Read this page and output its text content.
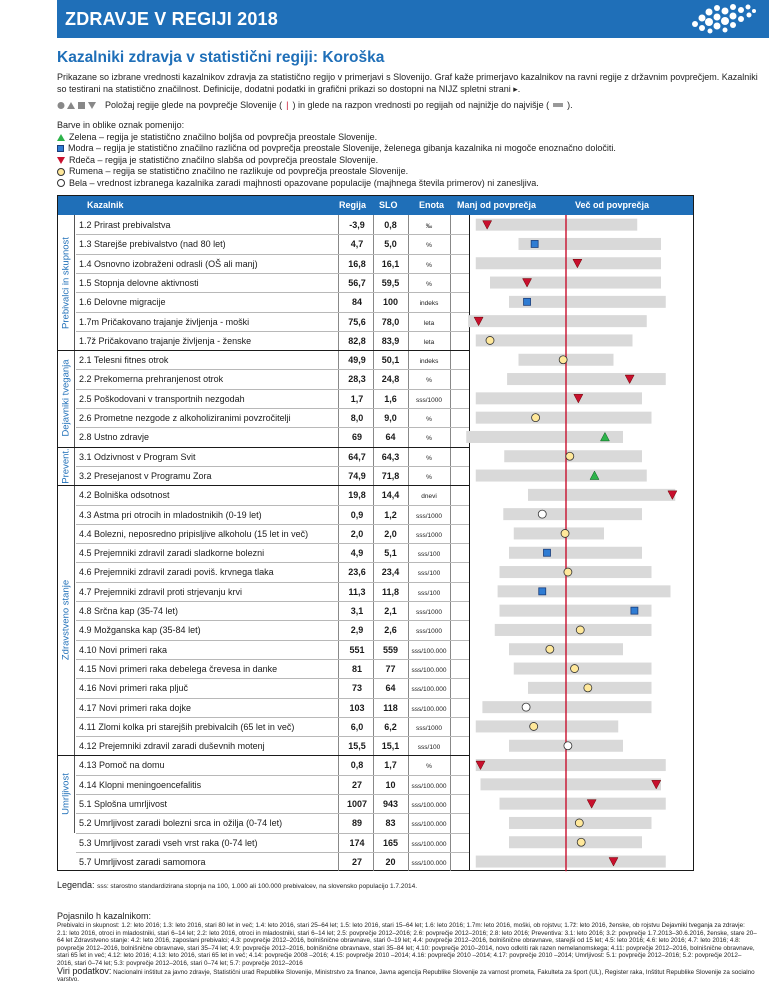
ZDRAVJE V REGIJI 2018
Kazalniki zdravja v statistični regiji: Koroška
Prikazane so izbrane vrednosti kazalnikov zdravja za statistično regijo v primerjavi s Slovenijo. Graf kaže primerjavo kazalnikov na ravni regije z državnim povprečjem. Kazalniki so testirani na statistično značilnost. Definicije, dodatni podatki in grafični prikazi so dostopni na NIJZ spletni strani ▸.
Položaj regije glede na povprečje Slovenije ( | ) in glede na razpon vrednosti po regijah od najnižje do najvišje ( ).
Barve in oblike oznak pomenijo:
Zelena – regija je statistično značilno boljša od povprečja preostale Slovenije.
Modra – regija je statistično značilno različna od povprečja preostale Slovenije, želenega gibanja kazalnika ni mogoče enoznačno določiti.
Rdeča – regija je statistično značilno slabša od povprečja preostale Slovenije.
Rumena – regija se statistično značilno ne razlikuje od povprečja preostale Slovenije.
Bela – vrednost izbranega kazalnika zaradi majhnosti opazovane populacije (majhnega števila primerov) ni zanesljiva.
Kazalnik	Regija SLO Enota Manj od povprečja	Več od povprečja
1.2 Prirast prebivalstva	-3,9	0,8	‰
1.3 Starejše prebivalstvo (nad 80 let)	4,7	5,0	%
1.4 Osnovno izobraženi odrasli (OŠ ali manj)	16,8	16,1	%
1.5 Stopnja delovne aktivnosti	56,7	59,5	%
1.6 Delovne migracije	84	100	indeks
1.7m Pričakovano trajanje življenja - moški	75,6	78,0	leta
1.7ž Pričakovano trajanje življenja - ženske	82,8	83,9	leta
2.1 Telesni fitnes otrok	49,9	50,1	indeks
2.2 Prekomerna prehranjenost otrok	28,3	24,8	%
2.5 Poškodovani v transportnih nezgodah	1,7	1,6	sss/1000
2.6 Prometne nezgode z alkoholiziranimi povzročitelji	8,0	9,0	%
2.8 Ustno zdravje	69	64	%
3.1 Odzivnost v Program Svit	64,7	64,3	%
3.2 Presejanost v Programu Zora	74,9	71,8	%
4.2 Bolniška odsotnost	19,8	14,4	dnevi
4.3 Astma pri otrocih in mladostnikih (0-19 let)	0,9	1,2	sss/1000
4.4 Bolezni, neposredno pripisljive alkoholu (15 let in več)	2,0	2,0	sss/1000
4.5 Prejemniki zdravil zaradi sladkorne bolezni	4,9	5,1	sss/100
4.6 Prejemniki zdravil zaradi poviš. krvnega tlaka	23,6	23,4	sss/100
4.7 Prejemniki zdravil proti strjevanju krvi	11,3	11,8	sss/100
4.8 Srčna kap (35-74 let)	3,1	2,1	sss/1000
4.9 Možganska kap (35-84 let)	2,9	2,6	sss/1000
4.10 Novi primeri raka	551	559	sss/100.000
4.15 Novi primeri raka debelega črevesa in danke	81	77	sss/100.000
4.16 Novi primeri raka pljuč	73	64	sss/100.000
4.17 Novi primeri raka dojke	103	118	sss/100.000
4.11 Zlomi kolka pri starejših prebivalcih (65 let in več)	6,0	6,2	sss/1000
4.12 Prejemniki zdravil zaradi duševnih motenj	15,5	15,1	sss/100
4.13 Pomoč na domu	0,8	1,7	%
4.14 Klopni meningoencefalitis	27	10	sss/100.000
5.1 Splošna umrljivost	1007	943	sss/100.000
5.2 Umrljivost zaradi bolezni srca in ožilja (0-74 let)	89	83	sss/100.000
5.3 Umrljivost zaradi vseh vrst raka (0-74 let)	174	165	sss/100.000
5.7 Umrljivost zaradi samomora	27	20	sss/100.000
Prebivalci in skupnost
Dejavniki tveganja
Prevent.
Zdravstveno stanje
Umrljivost
Legenda: sss: starostno standardizirana stopnja na 100, 1.000 ali 100.000 prebivalcev, na slovensko populacijo 1.7.2014.
Pojasnilo h kazalnikom:
Prebivalci in skupnost: 1.2: leto 2016; 1.3: leto 2016, stari 80 let in več; 1.4: leto 2016, stari 25–64 let; 1.5: leto 2016, stari 15–64 let; 1.6: leto 2016; 1.7m: leto 2016, moški, ob rojstvu; 1.7ž: leto 2016, ženske, ob rojstvu Dejavniki tveganja za zdravje: 2.1: leto 2016, otroci in mladostniki, stari 6–14 let; 2.2: leto 2016, otroci in mladostniki, stari 6–14 let; 2.5: povprečje 2012–2016; 2.6: povprečje 2012–2016; 2.8: leto 2016; Preventiva: 3.1: leto 2016; 3.2: povprečje 1.7.2013–30.6.2016, ženske, stare 20–64 let Zdravstveno stanje: 4.2: leto 2016, zaposlani prebivalci; 4.3: povprečje 2012–2016, bolnišnične obravnave, stari 0–19 let; 4.4: povprečje 2012–2016, bolnišnične obravnave, starejši od 15 let; 4.5: leto 2016; 4.6: leto 2016; 4.7: leto 2016; 4.8: povprečje 2012–2016, bolnišnične obravnave, stari 35–74 let; 4.9: povprečje 2012–2016, bolnišnične obravnave, stari 35–84 let; 4.10: povprečje 2010–2014, novo odkriti rak razen nemelanomskega; 4.11: povprečje 2012–2016, bolnišnične obravnave, stari 65 let in več; 4.12: leto 2016; 4.13: leto 2016, stari 65 let in več; 4.14: povprečje 2008 –2016; 4.15: povprečje 2010 –2014; 4.16: povprečje 2010 –2014; 4.17: povprečje 2010 –2014; Umrljivost: 5.1: povprečje 2012–2016; 5.2: povprečje 2012–2016, stari 0–74 let; 5.3: povprečje 2012–2016, stari 0–74 let; 5.7: povprečje 2012–2016
Viri podatkov: Nacionalni inštitut za javno zdravje, Statistični urad Republike Slovenije, Ministrstvo za finance, Javna agencija Republike Slovenije za varnost prometa, Fakulteta za šport (UL), Register raka, Inštitut Republike Slovenije za socialno varstvo.
